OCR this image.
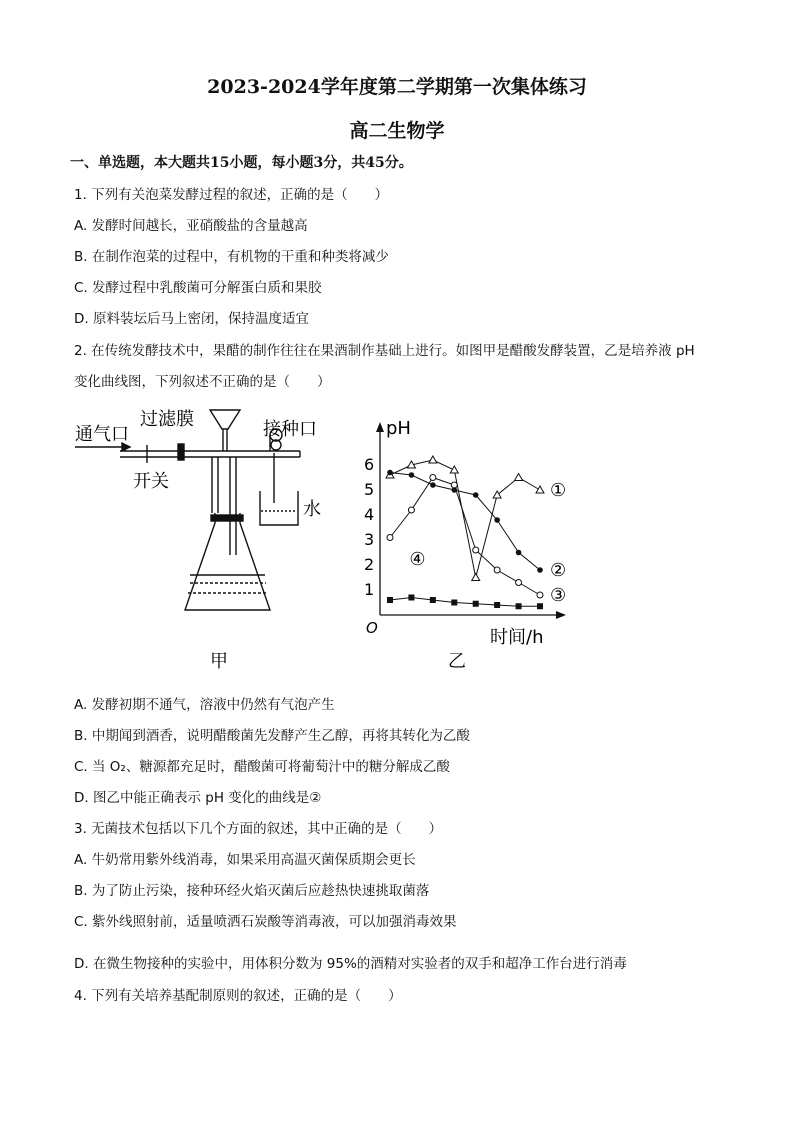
2023-2024学年度第二学期第一次集体练习
高二生物学
一、单选题，本大题共15小题，每小题3分，共45分。
1. 下列有关泡菜发酵过程的叙述，正确的是（　　）
A. 发酵时间越长，亚硝酸盐的含量越高
B. 在制作泡菜的过程中，有机物的干重和种类将减少
C. 发酵过程中乳酸菌可分解蛋白质和果胶
D. 原料装坛后马上密闭，保持温度适宜
2. 在传统发酵技术中，果醋的制作往往在果酒制作基础上进行。如图甲是醋酸发酵装置，乙是培养液 pH
变化曲线图，下列叙述不正确的是（　　）
通气口
过滤膜	接种口
开关
水
甲
pH
时间/h
O
1
2
3
4
5
6
①
②
③
④
乙
A. 发酵初期不通气，溶液中仍然有气泡产生
B. 中期闻到酒香，说明醋酸菌先发酵产生乙醇，再将其转化为乙酸
C. 当 O₂、糖源都充足时，醋酸菌可将葡萄汁中的糖分解成乙酸
D. 图乙中能正确表示 pH 变化的曲线是②
3. 无菌技术包括以下几个方面的叙述，其中正确的是（　　）
A. 牛奶常用紫外线消毒，如果采用高温灭菌保质期会更长
B. 为了防止污染，接种环经火焰灭菌后应趁热快速挑取菌落
C. 紫外线照射前，适量喷洒石炭酸等消毒液，可以加强消毒效果
D. 在微生物接种的实验中，用体积分数为 95%的酒精对实验者的双手和超净工作台进行消毒
4. 下列有关培养基配制原则的叙述，正确的是（　　）
